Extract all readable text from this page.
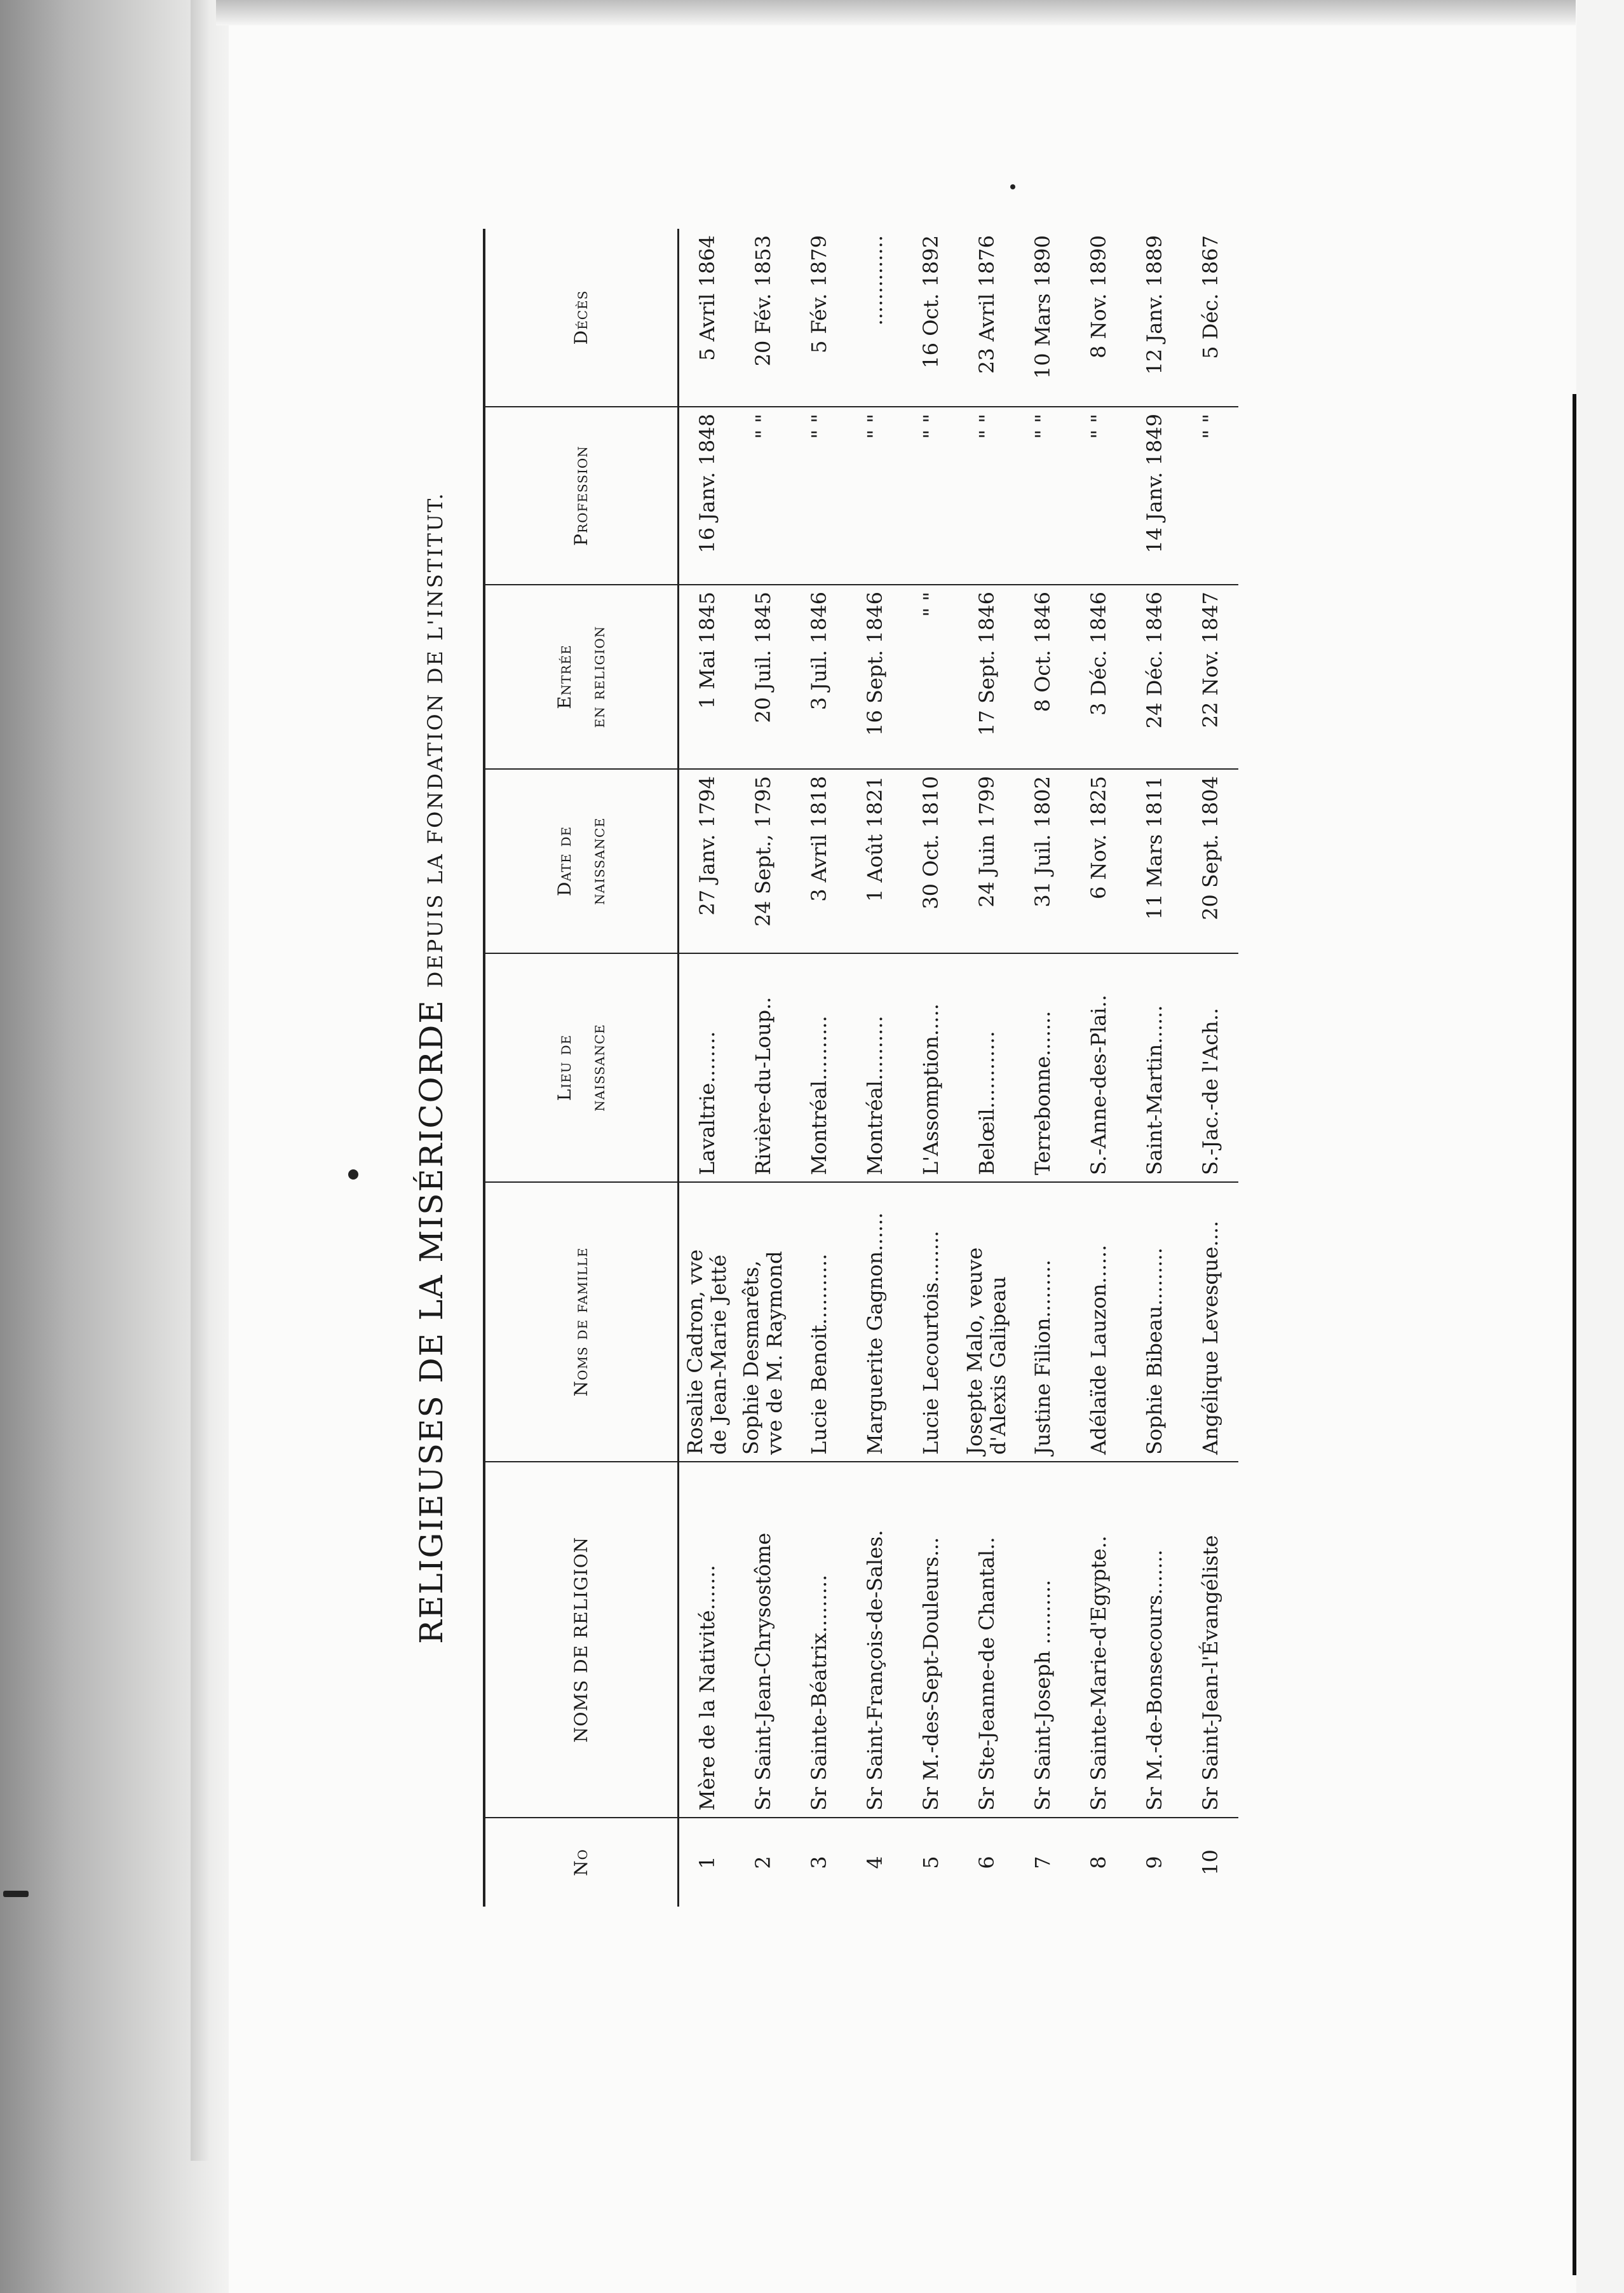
RELIGIEUSES DE LA MISÉRICORDE DEPUIS LA FONDATION DE L'INSTITUT.
No	NOMS DE RELIGION	Noms de famille	Lieu de naissance	Date de naissance	Entrée en religion	Profession	Décès
1	Mère de la Nativité.......	Rosalie Cadron, vve
de Jean-Marie Jetté	Lavaltrie........	27 Janv. 1794	1 Mai 1845	16 Janv. 1848	5 Avril 1864
2	Sr Saint-Jean-Chrysostôme	Sophie Desmarêts,
vve de M. Raymond	Rivière-du-Loup..	24 Sept., 1795	20 Juil. 1845	" "	20 Fév. 1853
3	Sr Sainte-Béatrix.........	Lucie Benoit...........	Montréal..........	3 Avril 1818	3 Juil. 1846	" "	5 Fév. 1879
4	Sr Saint-François-de-Sales.	Marguerite Gagnon......	Montréal..........	1 Août 1821	16 Sept. 1846	" "	..............
5	Sr M.-des-Sept-Douleurs...	Lucie Lecourtois........	L'Assomption.....	30 Oct. 1810	" "	" "	16 Oct. 1892
6	Sr Ste-Jeanne-de Chantal..	Josepte Malo, veuve
d'Alexis Galipeau	Belœil............	24 Juin 1799	17 Sept. 1846	" "	23 Avril 1876
7	Sr Saint-Joseph ..........	Justine Filion.........	Terrebonne.......	31 Juil. 1802	8 Oct. 1846	" "	10 Mars 1890
8	Sr Sainte-Marie-d'Egypte..	Adélaïde Lauzon......	S.-Anne-des-Plai..	6 Nov. 1825	3 Déc. 1846	" "	8 Nov. 1890
9	Sr M.-de-Bonsecours.......	Sophie Bibeau.........	Saint-Martin......	11 Mars 1811	24 Déc. 1846	14 Janv. 1849	12 Janv. 1889
10	Sr Saint-Jean-l'Évangéliste	Angélique Levesque....	S.-Jac.-de l'Ach..	20 Sept. 1804	22 Nov. 1847	" "	5 Déc. 1867
